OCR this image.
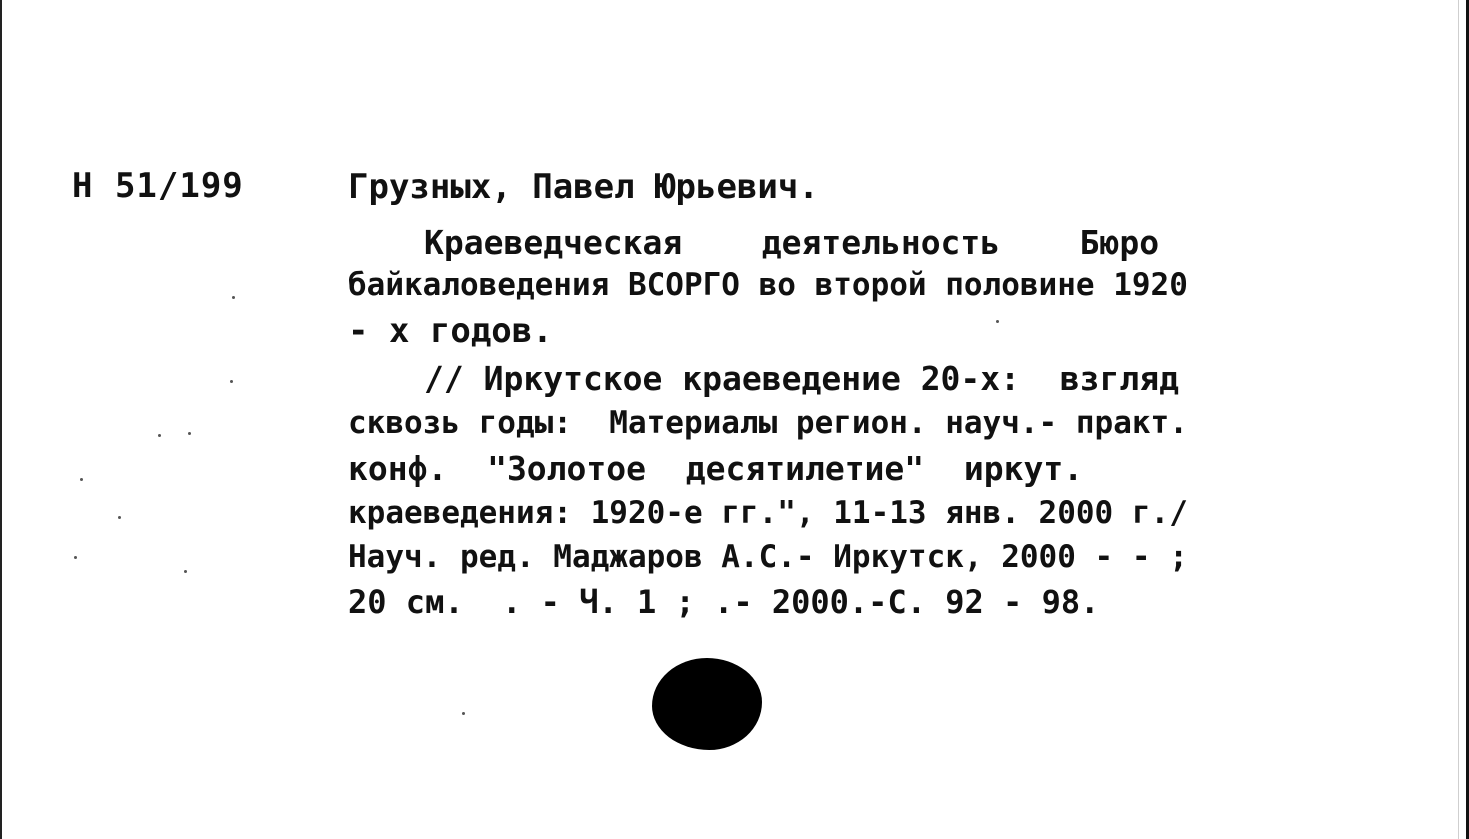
Н 51/199	Грузных, Павел Юрьевич.
Краеведческая    деятельность    Бюро
байкаловедения ВСОРГО во второй половине 1920
- х годов.
// Иркутское краеведение 20-х:  взгляд
сквозь годы:  Материалы регион. науч.- практ.
конф.  "Золотое  десятилетие"  иркут.
краеведения: 1920-е гг.", 11-13 янв. 2000 г./
Науч. ред. Маджаров А.С.- Иркутск, 2000 - - ;
20 см.  . - Ч. 1 ; .- 2000.-С. 92 - 98.
